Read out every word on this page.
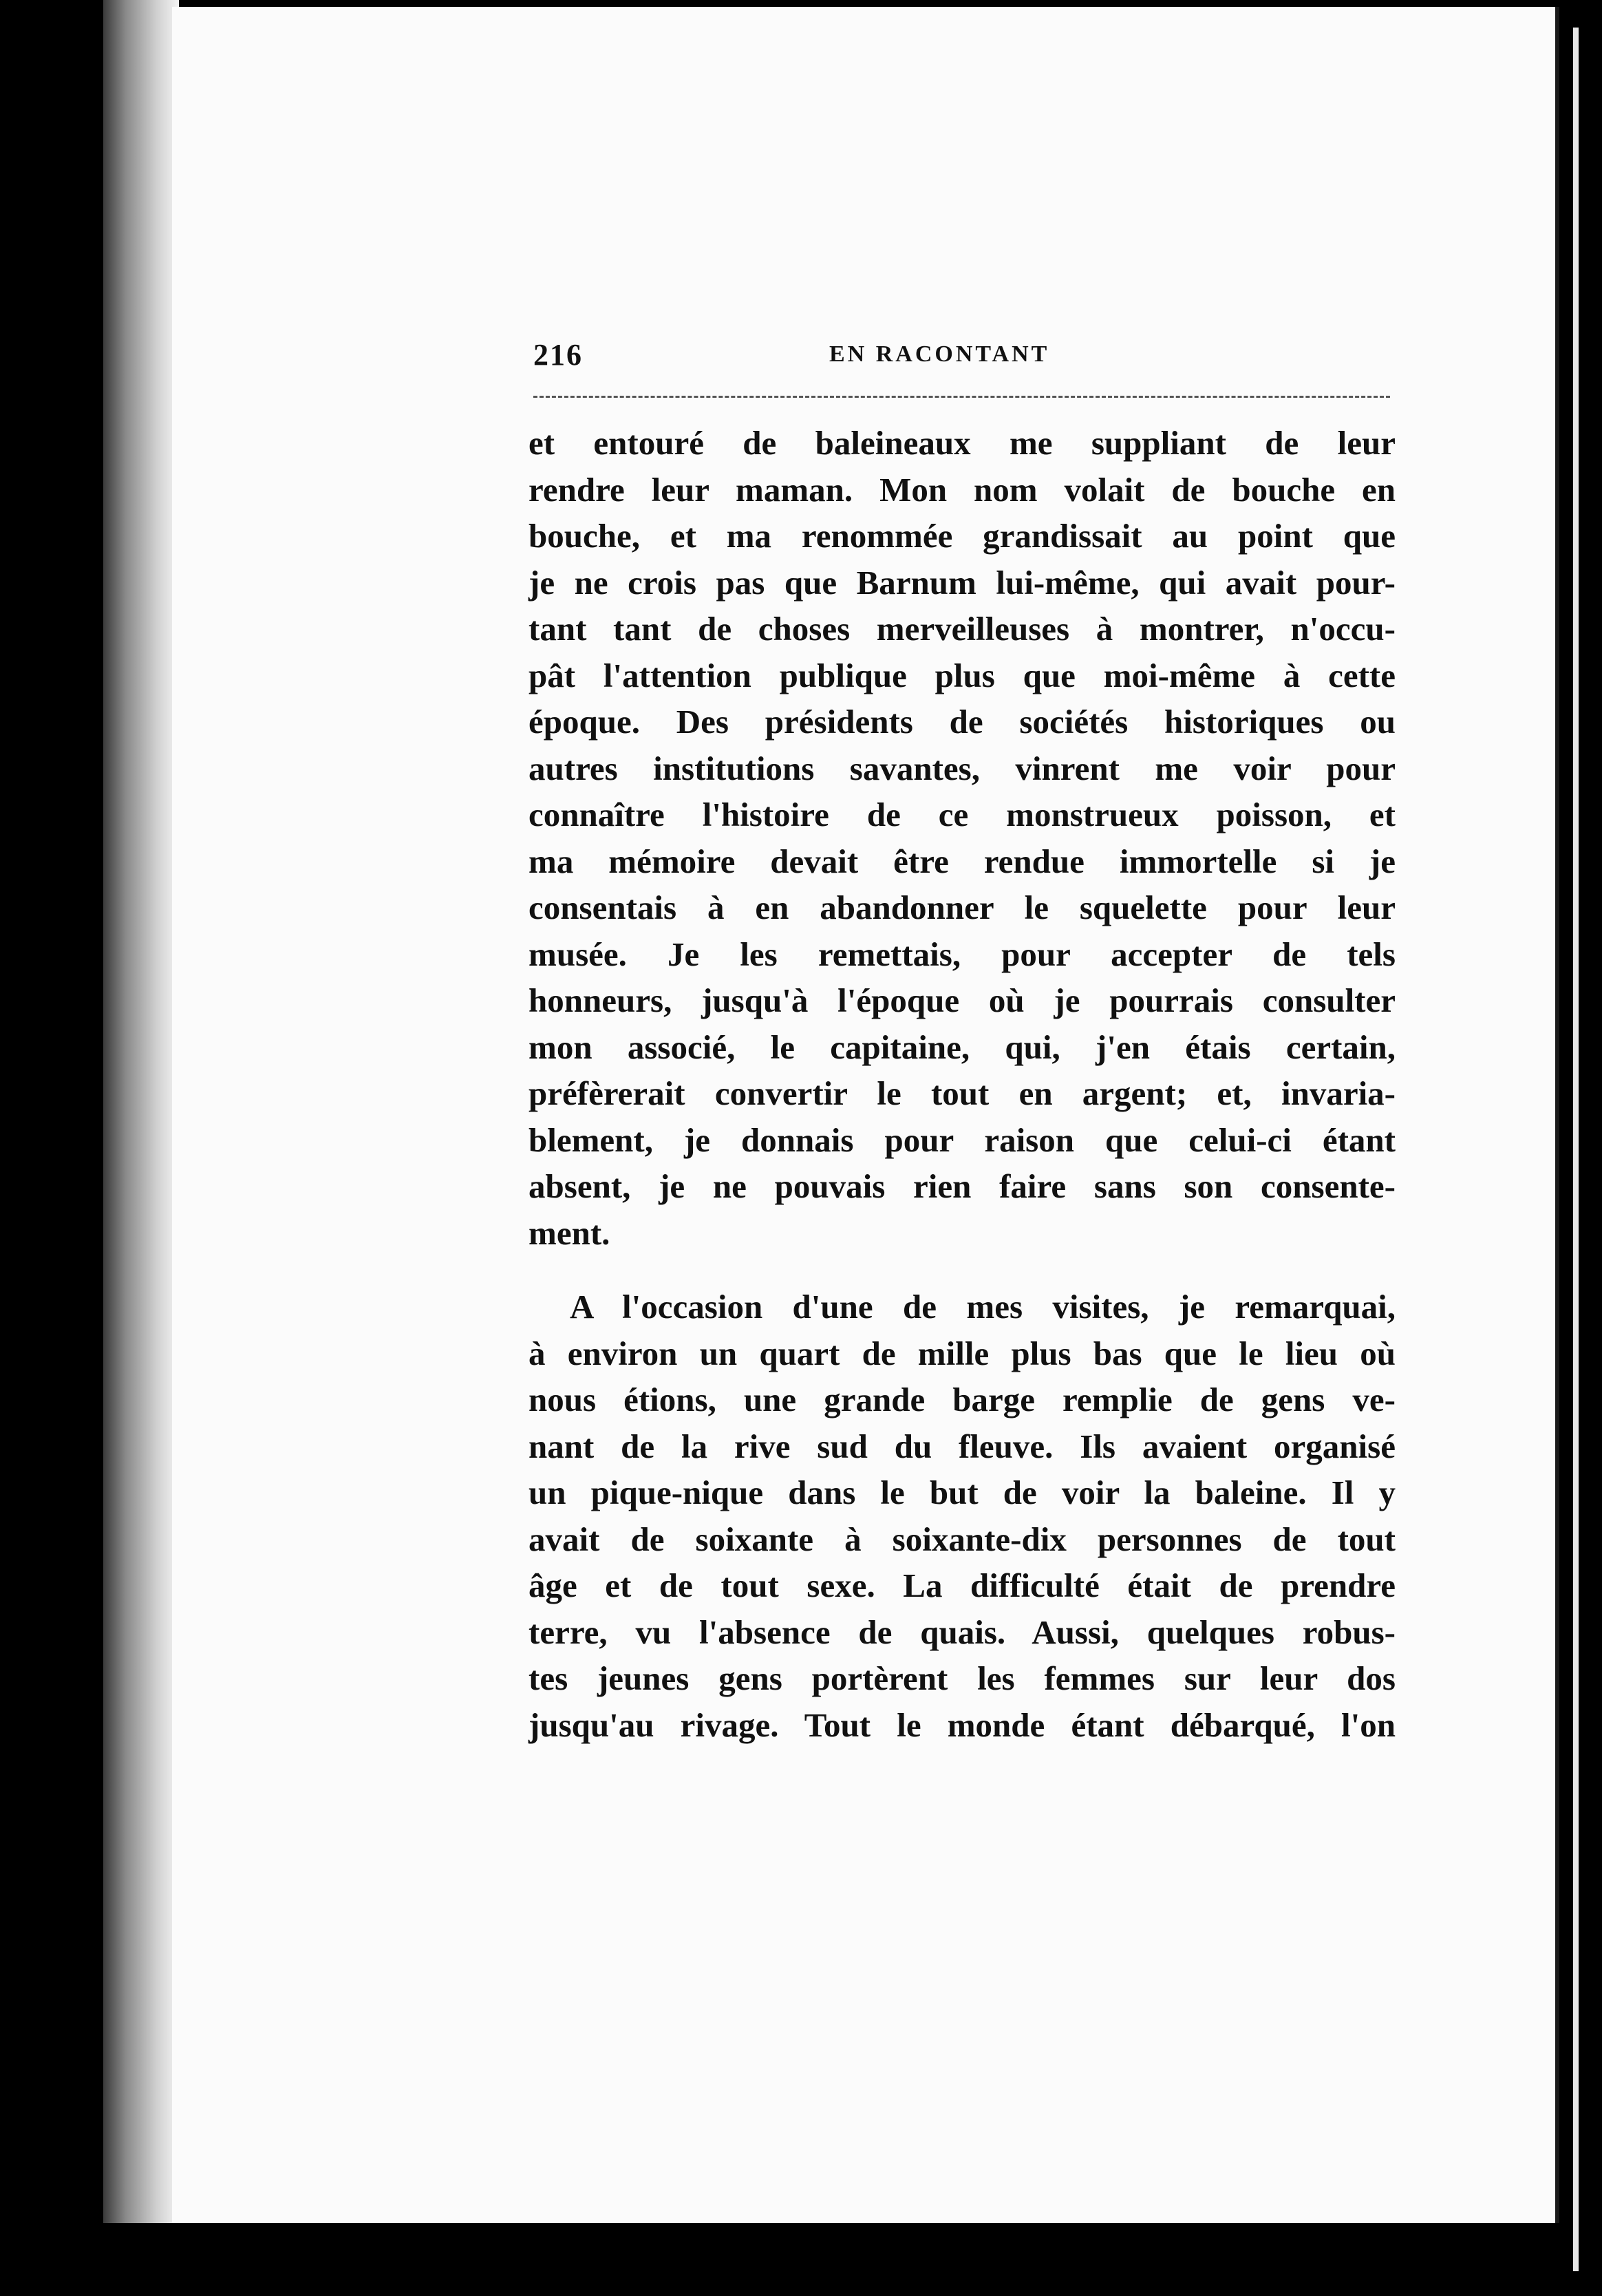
216	EN RACONTANT
et entouré de baleineaux me suppliant de leur
rendre leur maman. Mon nom volait de bouche en
bouche, et ma renommée grandissait au point que
je ne crois pas que Barnum lui-même, qui avait pour-
tant tant de choses merveilleuses à montrer, n'occu-
pât l'attention publique plus que moi-même à cette
époque. Des présidents de sociétés historiques ou
autres institutions savantes, vinrent me voir pour
connaître l'histoire de ce monstrueux poisson, et
ma mémoire devait être rendue immortelle si je
consentais à en abandonner le squelette pour leur
musée. Je les remettais, pour accepter de tels
honneurs, jusqu'à l'époque où je pourrais consulter
mon associé, le capitaine, qui, j'en étais certain,
préfèrerait convertir le tout en argent; et, invaria-
blement, je donnais pour raison que celui-ci étant
absent, je ne pouvais rien faire sans son consente-
ment.
A l'occasion d'une de mes visites, je remarquai,
à environ un quart de mille plus bas que le lieu où
nous étions, une grande barge remplie de gens ve-
nant de la rive sud du fleuve. Ils avaient organisé
un pique-nique dans le but de voir la baleine. Il y
avait de soixante à soixante-dix personnes de tout
âge et de tout sexe. La difficulté était de prendre
terre, vu l'absence de quais. Aussi, quelques robus-
tes jeunes gens portèrent les femmes sur leur dos
jusqu'au rivage. Tout le monde étant débarqué, l'on
